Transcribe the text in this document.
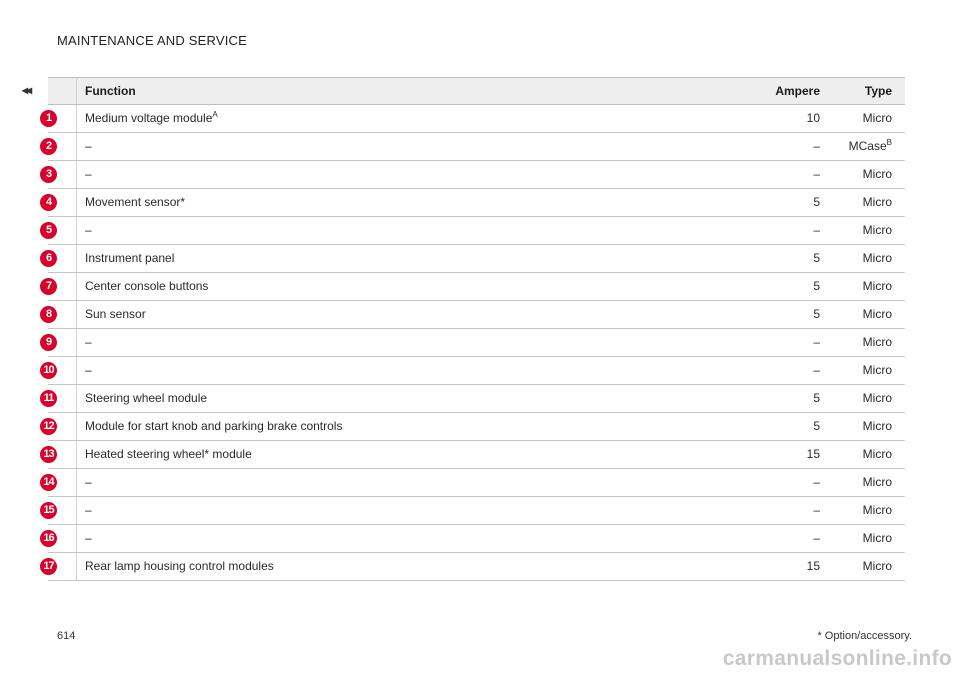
MAINTENANCE AND SERVICE
◂◂
		Function	Ampere	Type

1	Medium voltage module$^A$	10	Micro

2	–	–	MCase$^B$

3	–	–	Micro

4	Movement sensor*	5	Micro

5	–	–	Micro

6	Instrument panel	5	Micro

7	Center console buttons	5	Micro

8	Sun sensor	5	Micro

9	–	–	Micro

10	–	–	Micro

11	Steering wheel module	5	Micro

12	Module for start knob and parking brake controls	5	Micro

13	Heated steering wheel* module	15	Micro

14	–	–	Micro

15	–	–	Micro

16	–	–	Micro

17	Rear lamp housing control modules	15	Micro
614	* Option/accessory.
carmanualsonline.info
